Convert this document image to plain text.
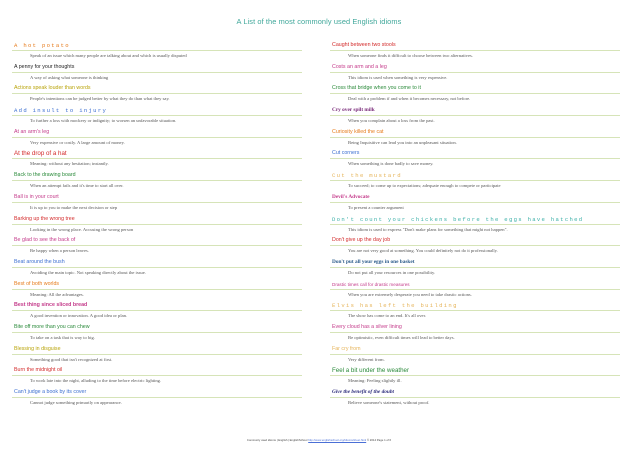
A List of the most commonly used English idioms
A hot potato
Speak of an issue which many people are talking about and which is usually disputed
A penny for your thoughts
A way of asking what someone is thinking
Actions speak louder than words
People's intentions can be judged better by what they do than what they say.
Add insult to injury
To further a loss with mockery or indignity; to worsen an unfavorable situation.
At an arm's leg
Very expensive or costly. A large amount of money.
At the drop of a hat
Meaning: without any hesitation; instantly.
Back to the drawing board
When an attempt fails and it's time to start all over.
Ball is in your court
It is up to you to make the next decision or step
Barking up the wrong tree
Looking in the wrong place. Accusing the wrong person
Be glad to see the back of
Be happy when a person leaves.
Beat around the bush
Avoiding the main topic. Not speaking directly about the issue.
Best of both worlds
Meaning: All the advantages.
Best thing since sliced bread
A good invention or innovation. A good idea or plan.
Bite off more than you can chew
To take on a task that is way to big.
Blessing in disguise
Something good that isn't recognized at first.
Burn the midnight oil
To work late into the night, alluding to the time before electric lighting.
Can't judge a book by its cover
Cannot judge something primarily on appearance.
Caught between two stools
When someone finds it difficult to choose between two alternatives.
Costs an arm and a leg
This idiom is used when something is very expensive.
Cross that bridge when you come to it
Deal with a problem if and when it becomes necessary, not before.
Cry over spilt milk
When you complain about a loss from the past.
Curiosity killed the cat
Being Inquisitive can lead you into an unpleasant situation.
Cut corners
When something is done badly to save money.
Cut the mustard
To succeed; to come up to expectations; adequate enough to compete or participate
Devil's Advocate
To present a counter argument
Don't count your chickens before the eggs have hatched
This idiom is used to express "Don't make plans for something that might not happen".
Don't give up the day job
You are not very good at something. You could definitely not do it professionally.
Don't put all your eggs in one basket
Do not put all your resources in one possibility.
Drastic times call for drastic measures
When you are extremely desperate you need to take drastic actions.
Elvis has left the building
The show has come to an end. It's all over.
Every cloud has a silver lining
Be optimistic, even difficult times will lead to better days.
Far cry from
Very different from.
Feel a bit under the weather
Meaning: Feeling slightly ill.
Give the benefit of the doubt
Believe someone's statement, without proof.
Commonly used idioms | English | EnglishSchool http://www.englishschool.org/idioms/sheet.html © 2014 Page 1 of 6
